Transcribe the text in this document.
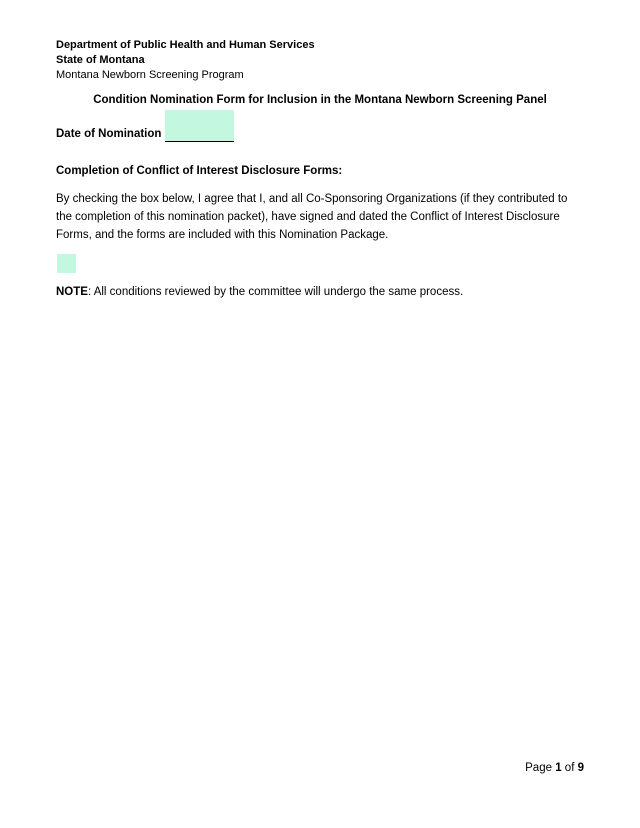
Department of Public Health and Human Services
State of Montana
Montana Newborn Screening Program
Condition Nomination Form for Inclusion in the Montana Newborn Screening Panel
Date of Nomination
Completion of Conflict of Interest Disclosure Forms:
By checking the box below, I agree that I, and all Co-Sponsoring Organizations (if they contributed to the completion of this nomination packet), have signed and dated the Conflict of Interest Disclosure Forms, and the forms are included with this Nomination Package.
NOTE: All conditions reviewed by the committee will undergo the same process.
Page 1 of 9
